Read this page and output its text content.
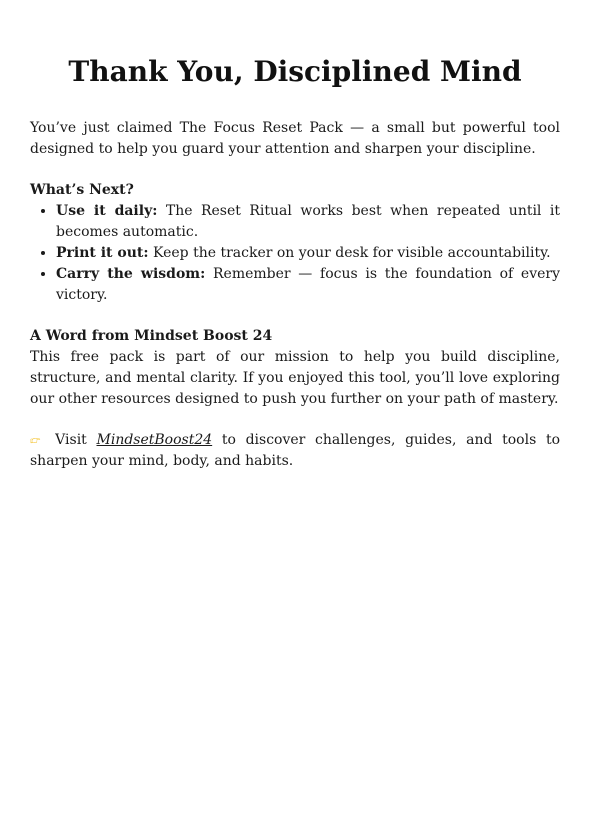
Thank You, Disciplined Mind

You’ve just claimed The Focus Reset Pack — a small but powerful tool designed to help you guard your attention and sharpen your discipline.

What’s Next?

• Use it daily: The Reset Ritual works best when repeated until it becomes automatic.
• Print it out: Keep the tracker on your desk for visible accountability.
• Carry the wisdom: Remember — focus is the foundation of every victory.

A Word from Mindset Boost 24

This free pack is part of our mission to help you build discipline, structure, and mental clarity. If you enjoyed this tool, you’ll love exploring our other resources designed to push you further on your path of mastery.

👉︎ Visit MindsetBoost24 to discover challenges, guides, and tools to sharpen your mind, body, and habits.
